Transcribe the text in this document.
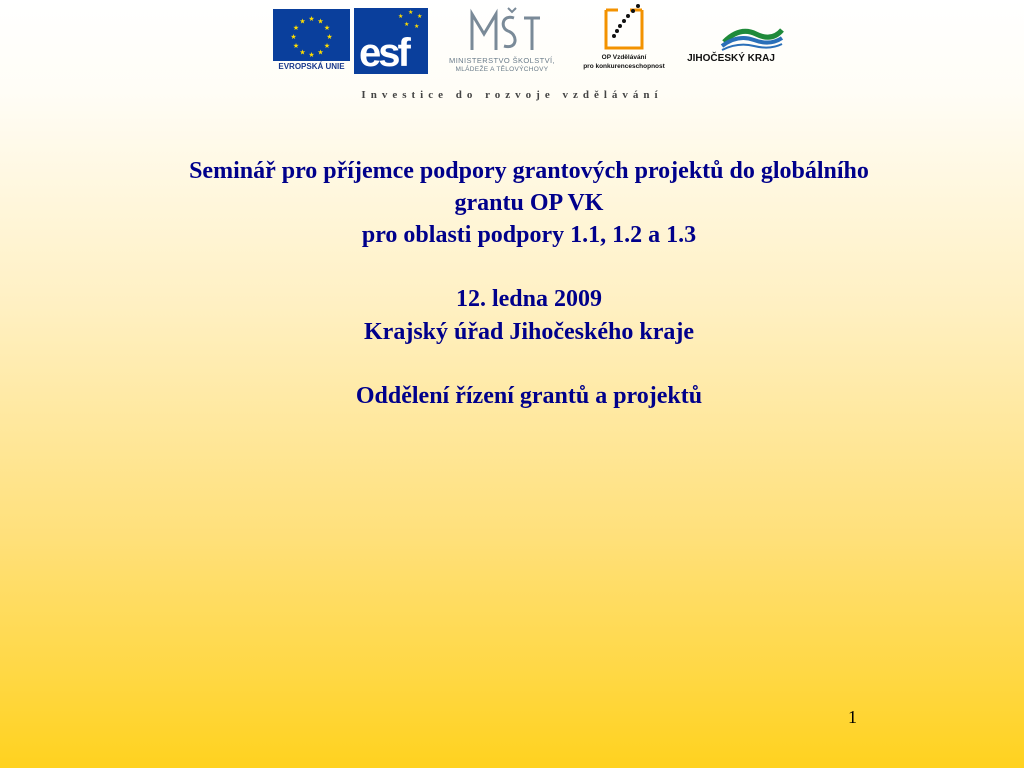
★ ★
★
★
★
★
★
★
★
★
★
★
EVROPSKÁ UNIE
★
★
★
★
★
esf	MINISTERSTVO ŠKOLSTVÍ,
MLÁDEŽE A TĚLOVÝCHOVY
OP Vzdělávání
pro konkurenceschopnost
JIHOČESKÝ KRAJ
Investice do rozvoje vzdělávání

Seminář pro příjemce podpory grantových projektů do globálního

grantu OP VK

pro oblasti podpory 1.1, 1.2 a 1.3

12. ledna 2009

Krajský úřad Jihočeského kraje

Oddělení řízení grantů a projektů

1
